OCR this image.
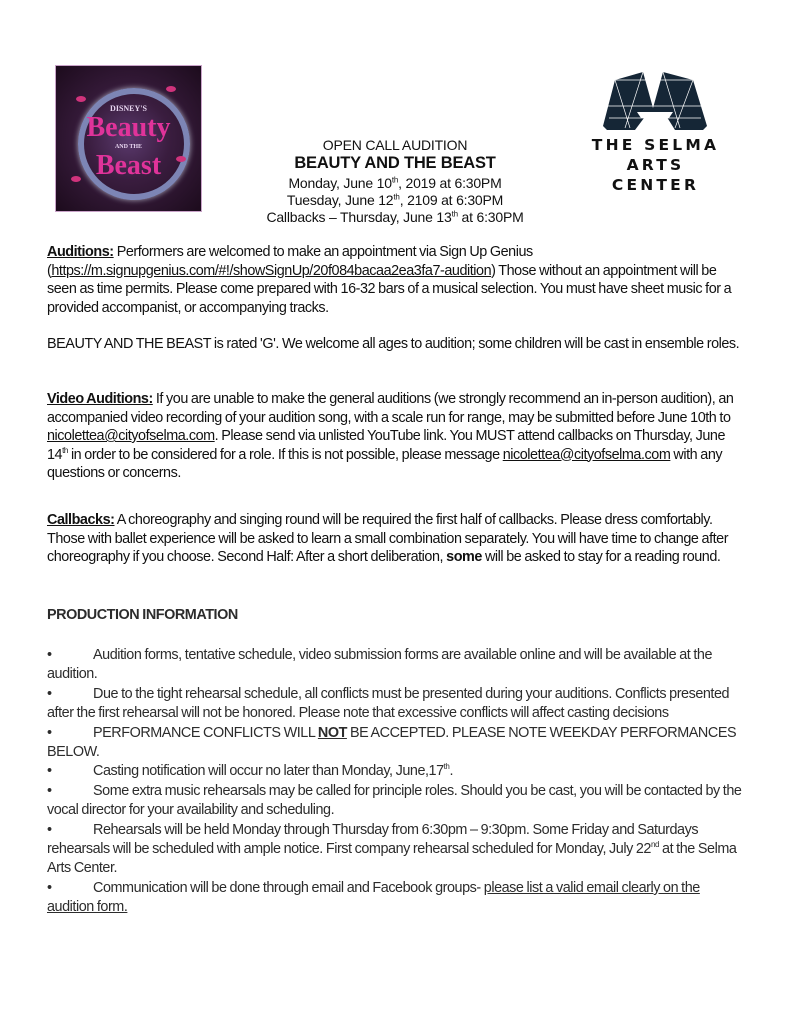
DISNEY'S
Beauty
AND THE
Beast
THE SELMA
ARTS CENTER
OPEN CALL AUDITION
BEAUTY AND THE BEAST
Monday, June 10th, 2019 at 6:30PM
Tuesday, June 12th, 2109 at 6:30PM
Callbacks – Thursday, June 13th at 6:30PM
Auditions: Performers are welcomed to make an appointment via Sign Up Genius (https://m.signupgenius.com/#!/showSignUp/20f084bacaa2ea3fa7-audition) Those without an appointment will be seen as time permits. Please come prepared with 16-32 bars of a musical selection. You must have sheet music for a provided accompanist, or accompanying tracks.
BEAUTY AND THE BEAST is rated 'G'. We welcome all ages to audition; some children will be cast in ensemble roles.
Video Auditions: If you are unable to make the general auditions (we strongly recommend an in-person audition), an accompanied video recording of your audition song, with a scale run for range, may be submitted before June 10th to nicolettea@cityofselma.com. Please send via unlisted YouTube link. You MUST attend callbacks on Thursday, June 14th in order to be considered for a role. If this is not possible, please message nicolettea@cityofselma.com with any questions or concerns.
Callbacks: A choreography and singing round will be required the first half of callbacks. Please dress comfortably. Those with ballet experience will be asked to learn a small combination separately. You will have time to change after choreography if you choose. Second Half: After a short deliberation, some will be asked to stay for a reading round.
PRODUCTION INFORMATION
•	Audition forms, tentative schedule, video submission forms are available online and will be available at the audition.
•	Due to the tight rehearsal schedule, all conflicts must be presented during your auditions. Conflicts presented after the first rehearsal will not be honored. Please note that excessive conflicts will affect casting decisions
•	PERFORMANCE CONFLICTS WILL NOT BE ACCEPTED. PLEASE NOTE WEEKDAY PERFORMANCES BELOW.
•	Casting notification will occur no later than Monday, June,17th.
•	Some extra music rehearsals may be called for principle roles. Should you be cast, you will be contacted by the vocal director for your availability and scheduling.
•	Rehearsals will be held Monday through Thursday from 6:30pm – 9:30pm. Some Friday and Saturdays rehearsals will be scheduled with ample notice. First company rehearsal scheduled for Monday, July 22nd at the Selma Arts Center.
•	Communication will be done through email and Facebook groups- please list a valid email clearly on the audition form.
